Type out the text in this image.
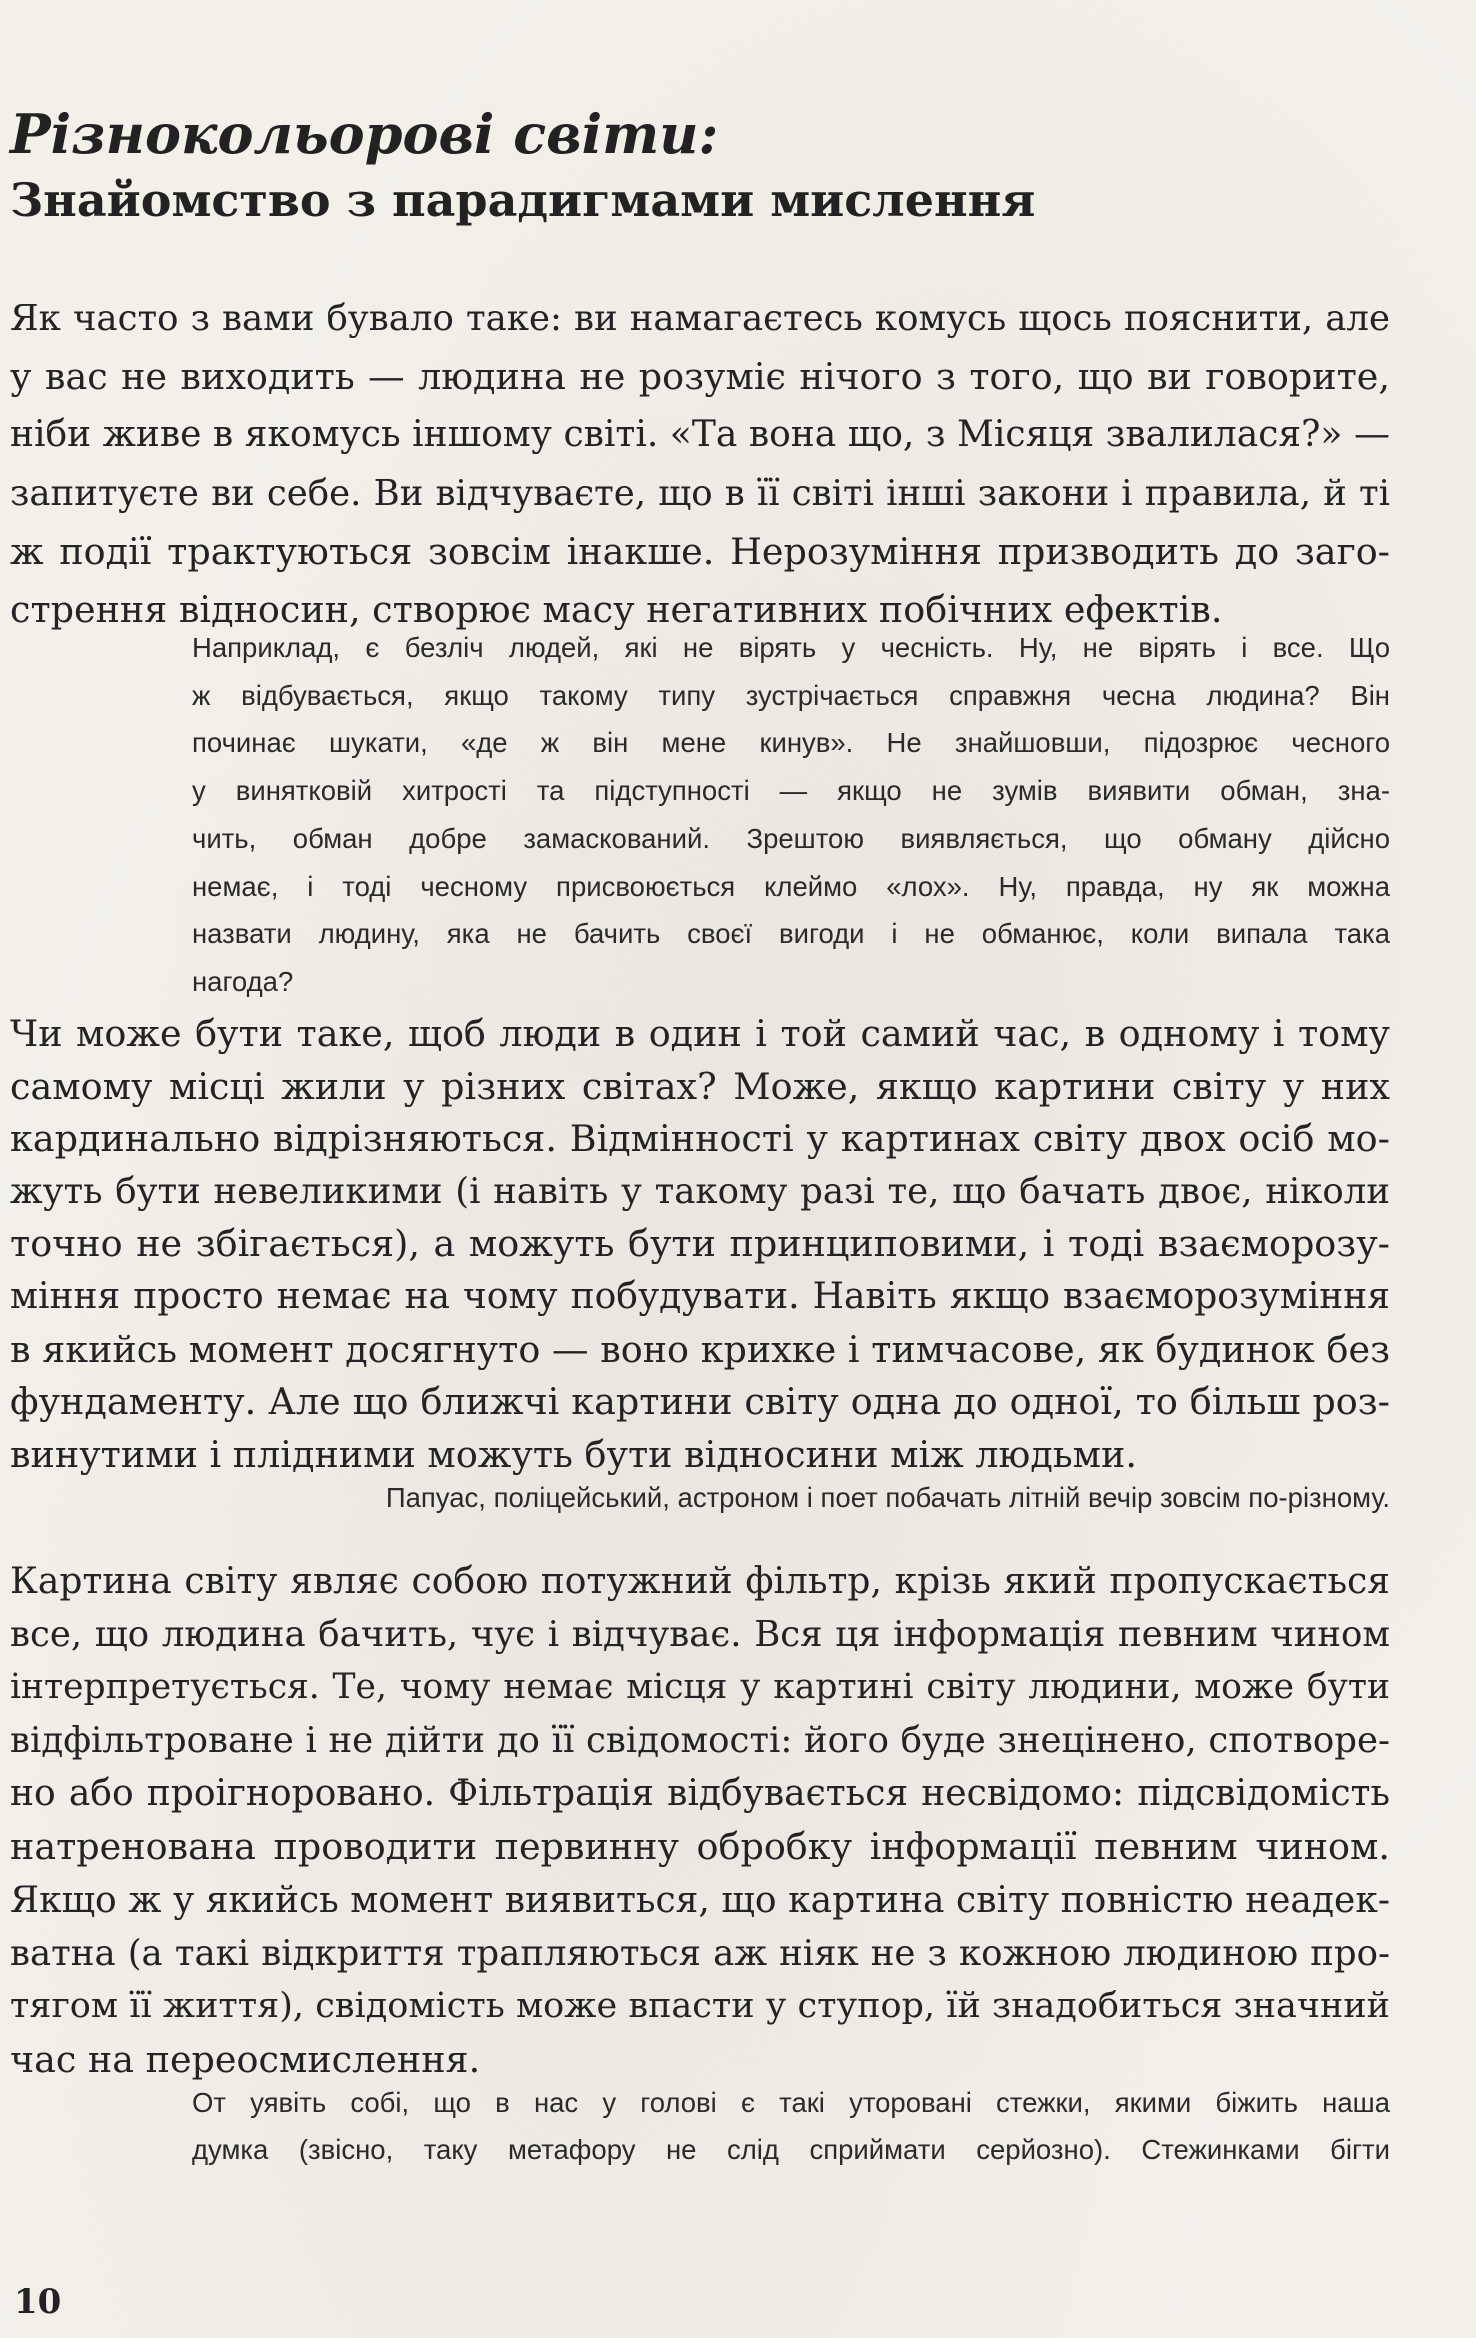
Різнокольорові світи:
Знайомство з парадигмами мислення

Як часто з вами бувало таке: ви намагаєтесь комусь щось пояснити, але
у вас не виходить — людина не розуміє нічого з того, що ви говорите,
ніби живе в якомусь іншому світі. «Та вона що, з Місяця звалилася?» —
запитуєте ви себе. Ви відчуваєте, що в її світі інші закони і правила, й ті
ж події трактуються зовсім інакше. Нерозуміння призводить до заго-
стрення відносин, створює масу негативних побічних ефектів.

Наприклад, є безліч людей, які не вірять у чесність. Ну, не вірять і все. Що
ж відбувається, якщо такому типу зустрічається справжня чесна людина? Він
починає шукати, «де ж він мене кинув». Не знайшовши, підозрює чесного
у винятковій хитрості та підступності — якщо не зумів виявити обман, зна-
чить, обман добре замаскований. Зрештою виявляється, що обману дійсно
немає, і тоді чесному присвоюється клеймо «лох». Ну, правда, ну як можна
назвати людину, яка не бачить своєї вигоди і не обманює, коли випала така
нагода?

Чи може бути таке, щоб люди в один і той самий час, в одному і тому
самому місці жили у різних світах? Може, якщо картини світу у них
кардинально відрізняються. Відмінності у картинах світу двох осіб мо-
жуть бути невеликими (і навіть у такому разі те, що бачать двоє, ніколи
точно не збігається), а можуть бути принциповими, і тоді взаєморозу-
міння просто немає на чому побудувати. Навіть якщо взаєморозуміння
в якийсь момент досягнуто — воно крихке і тимчасове, як будинок без
фундаменту. Але що ближчі картини світу одна до одної, то більш роз-
винутими і плідними можуть бути відносини між людьми.

Папуас, поліцейський, астроном і поет побачать літній вечір зовсім по-різному.

Картина світу являє собою потужний фільтр, крізь який пропускається
все, що людина бачить, чує і відчуває. Вся ця інформація певним чином
інтерпретується. Те, чому немає місця у картині світу людини, може бути
відфільтроване і не дійти до її свідомості: його буде знецінено, спотворе-
но або проігноровано. Фільтрація відбувається несвідомо: підсвідомість
натренована проводити первинну обробку інформації певним чином.
Якщо ж у якийсь момент виявиться, що картина світу повністю неадек-
ватна (а такі відкриття трапляються аж ніяк не з кожною людиною про-
тягом її життя), свідомість може впасти у ступор, їй знадобиться значний
час на переосмислення.

От уявіть собі, що в нас у голові є такі уторовані стежки, якими біжить наша
думка (звісно, таку метафору не слід сприймати серйозно). Стежинками бігти

10
